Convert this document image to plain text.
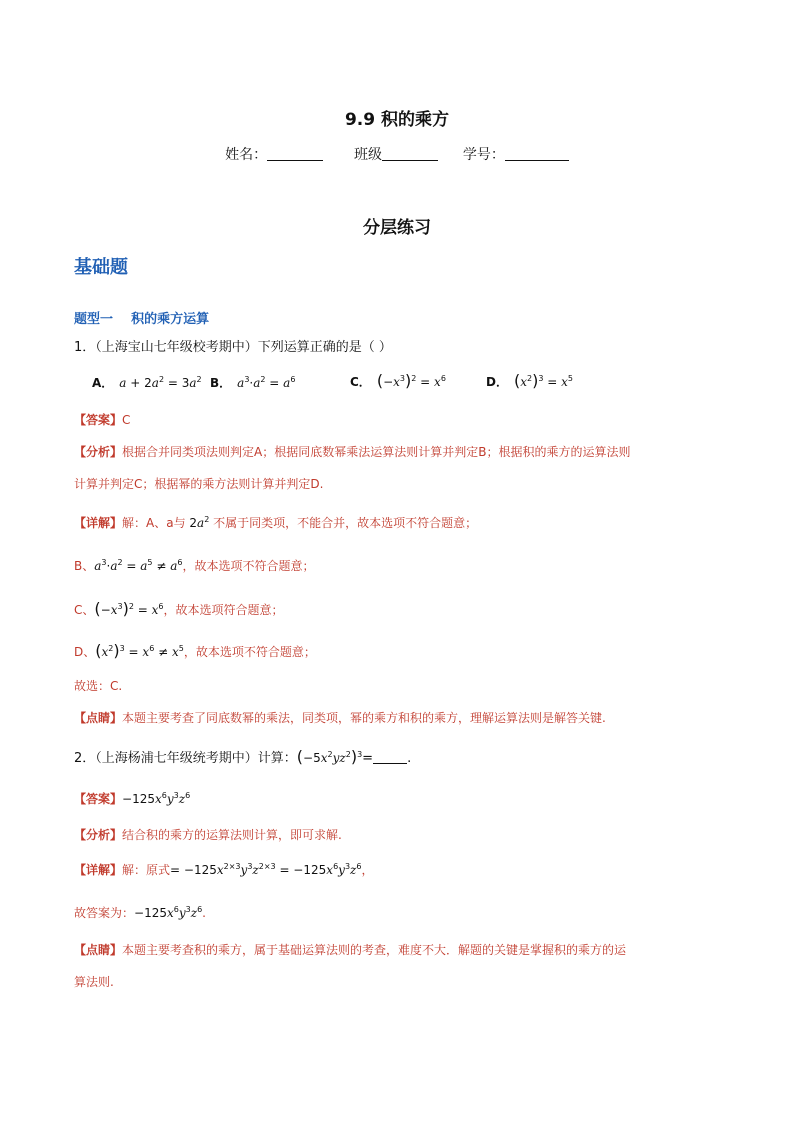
9.9 积的乘方
姓名：	班级	学号：
分层练习
基础题
题型一    积的乘方运算
1．（上海宝山七年级校考期中）下列运算正确的是（ ）
A． $a + 2a^2 = 3a^2$ B． $a^3\cdot a^2 = a^6$	C． $(-x^3)^2 = x^6$	D． $(x^2)^3 = x^5$
【答案】C
【分析】根据合并同类项法则判定A；根据同底数幂乘法运算法则计算并判定B；根据积的乘方的运算法则
计算并判定C；根据幂的乘方法则计算并判定D.
【详解】解：A、a与 $2a^2$ 不属于同类项，不能合并，故本选项不符合题意；
B、$a^3\cdot a^2 = a^5 \ne a^6$，故本选项不符合题意；
C、$(-x^3)^2 = x^6$，故本选项符合题意；
D、$(x^2)^3 = x^6 \ne x^5$，故本选项不符合题意；
故选：C.
【点睛】本题主要考查了同底数幂的乘法，同类项，幂的乘方和积的乘方，理解运算法则是解答关键.
2．（上海杨浦七年级统考期中）计算：$(-5x^2yz^2)^3=$	.
【答案】$-125x^6y^3z^6$
【分析】结合积的乘方的运算法则计算，即可求解.
【详解】解：原式= $-125x^{2\times 3}y^3z^{2\times 3} = -125x^6y^3z^6$，
故答案为：$-125x^6y^3z^6$.
【点睛】本题主要考查积的乘方，属于基础运算法则的考查，难度不大．解题的关键是掌握积的乘方的运
算法则.
